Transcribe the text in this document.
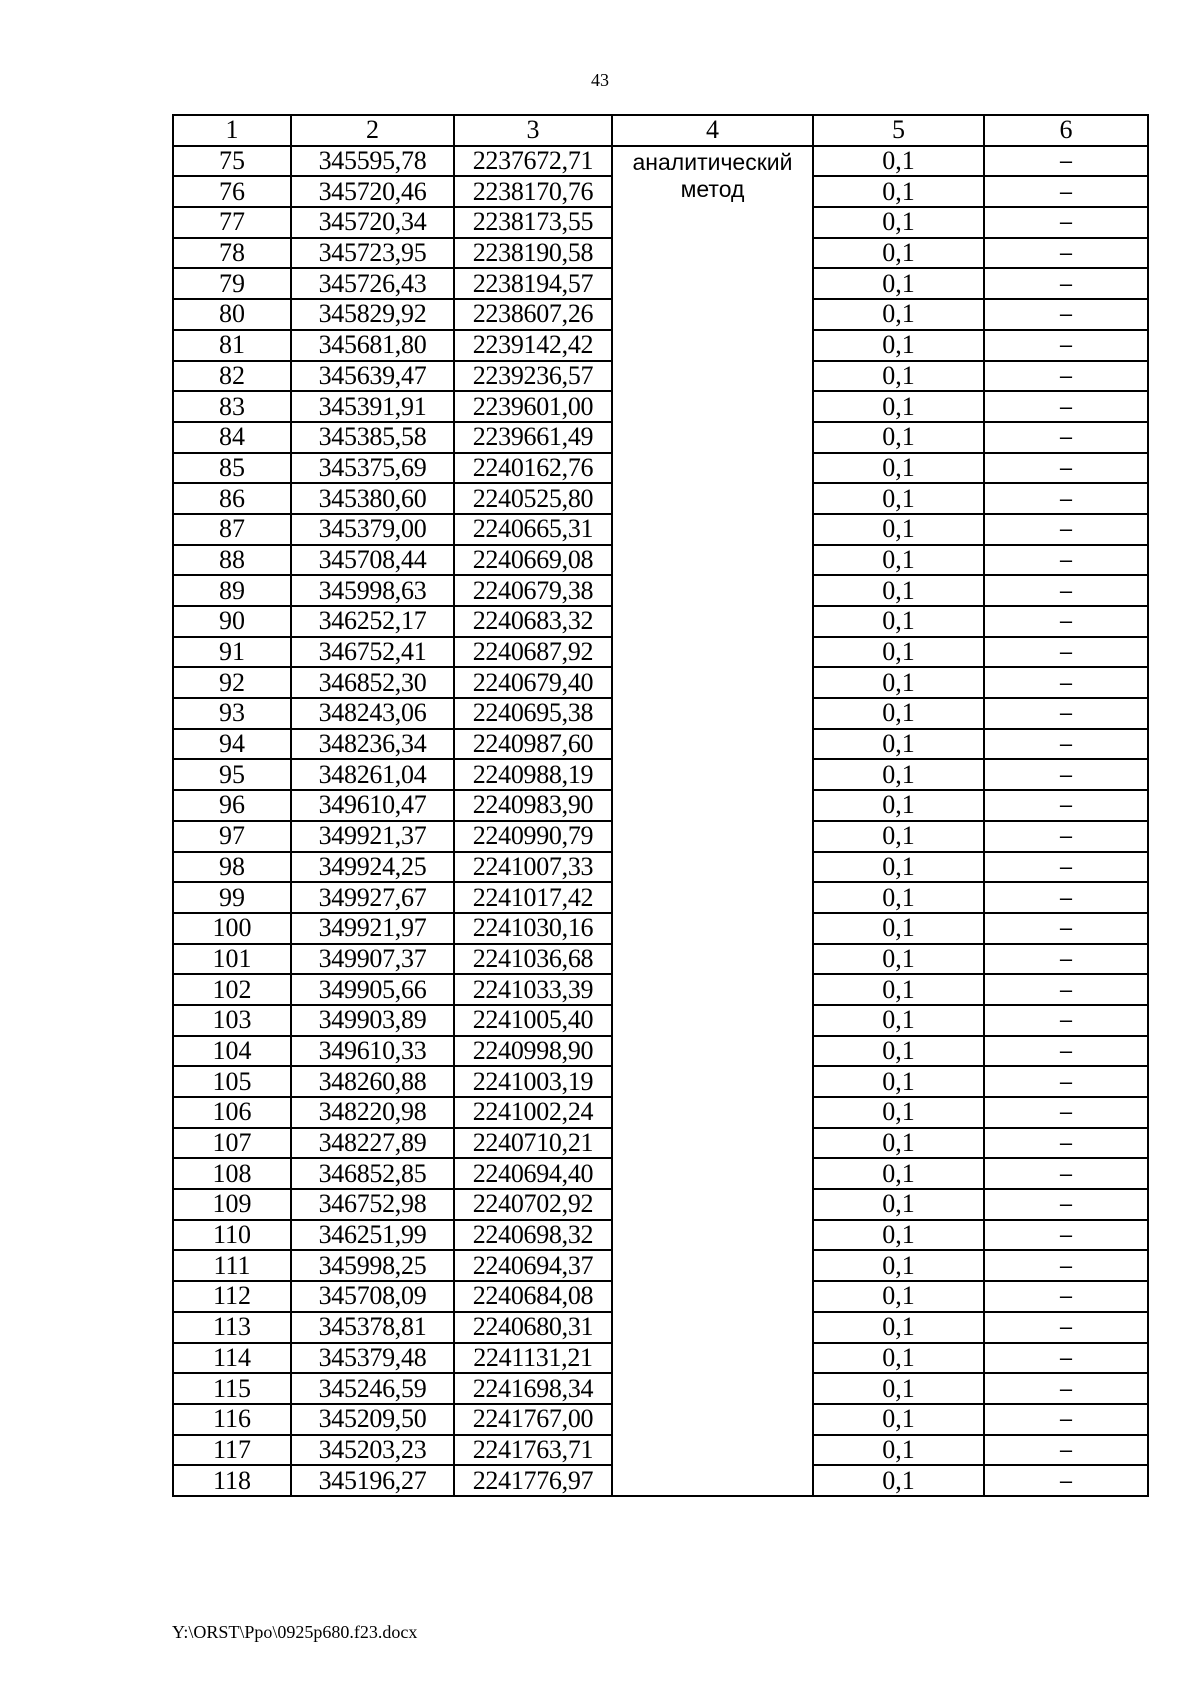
43
1	2	3	4	5	6
75	345595,78	2237672,71	аналитический метод	0,1	–
76	345720,46	2238170,76		0,1	–
77	345720,34	2238173,55		0,1	–
78	345723,95	2238190,58		0,1	–
79	345726,43	2238194,57		0,1	–
80	345829,92	2238607,26		0,1	–
81	345681,80	2239142,42		0,1	–
82	345639,47	2239236,57		0,1	–
83	345391,91	2239601,00		0,1	–
84	345385,58	2239661,49		0,1	–
85	345375,69	2240162,76		0,1	–
86	345380,60	2240525,80		0,1	–
87	345379,00	2240665,31		0,1	–
88	345708,44	2240669,08		0,1	–
89	345998,63	2240679,38		0,1	–
90	346252,17	2240683,32		0,1	–
91	346752,41	2240687,92		0,1	–
92	346852,30	2240679,40		0,1	–
93	348243,06	2240695,38		0,1	–
94	348236,34	2240987,60		0,1	–
95	348261,04	2240988,19		0,1	–
96	349610,47	2240983,90		0,1	–
97	349921,37	2240990,79		0,1	–
98	349924,25	2241007,33		0,1	–
99	349927,67	2241017,42		0,1	–
100	349921,97	2241030,16		0,1	–
101	349907,37	2241036,68		0,1	–
102	349905,66	2241033,39		0,1	–
103	349903,89	2241005,40		0,1	–
104	349610,33	2240998,90		0,1	–
105	348260,88	2241003,19		0,1	–
106	348220,98	2241002,24		0,1	–
107	348227,89	2240710,21		0,1	–
108	346852,85	2240694,40		0,1	–
109	346752,98	2240702,92		0,1	–
110	346251,99	2240698,32		0,1	–
111	345998,25	2240694,37		0,1	–
112	345708,09	2240684,08		0,1	–
113	345378,81	2240680,31		0,1	–
114	345379,48	2241131,21		0,1	–
115	345246,59	2241698,34		0,1	–
116	345209,50	2241767,00		0,1	–
117	345203,23	2241763,71		0,1	–
118	345196,27	2241776,97		0,1	–
Y:\ORST\Ppo\0925p680.f23.docx
